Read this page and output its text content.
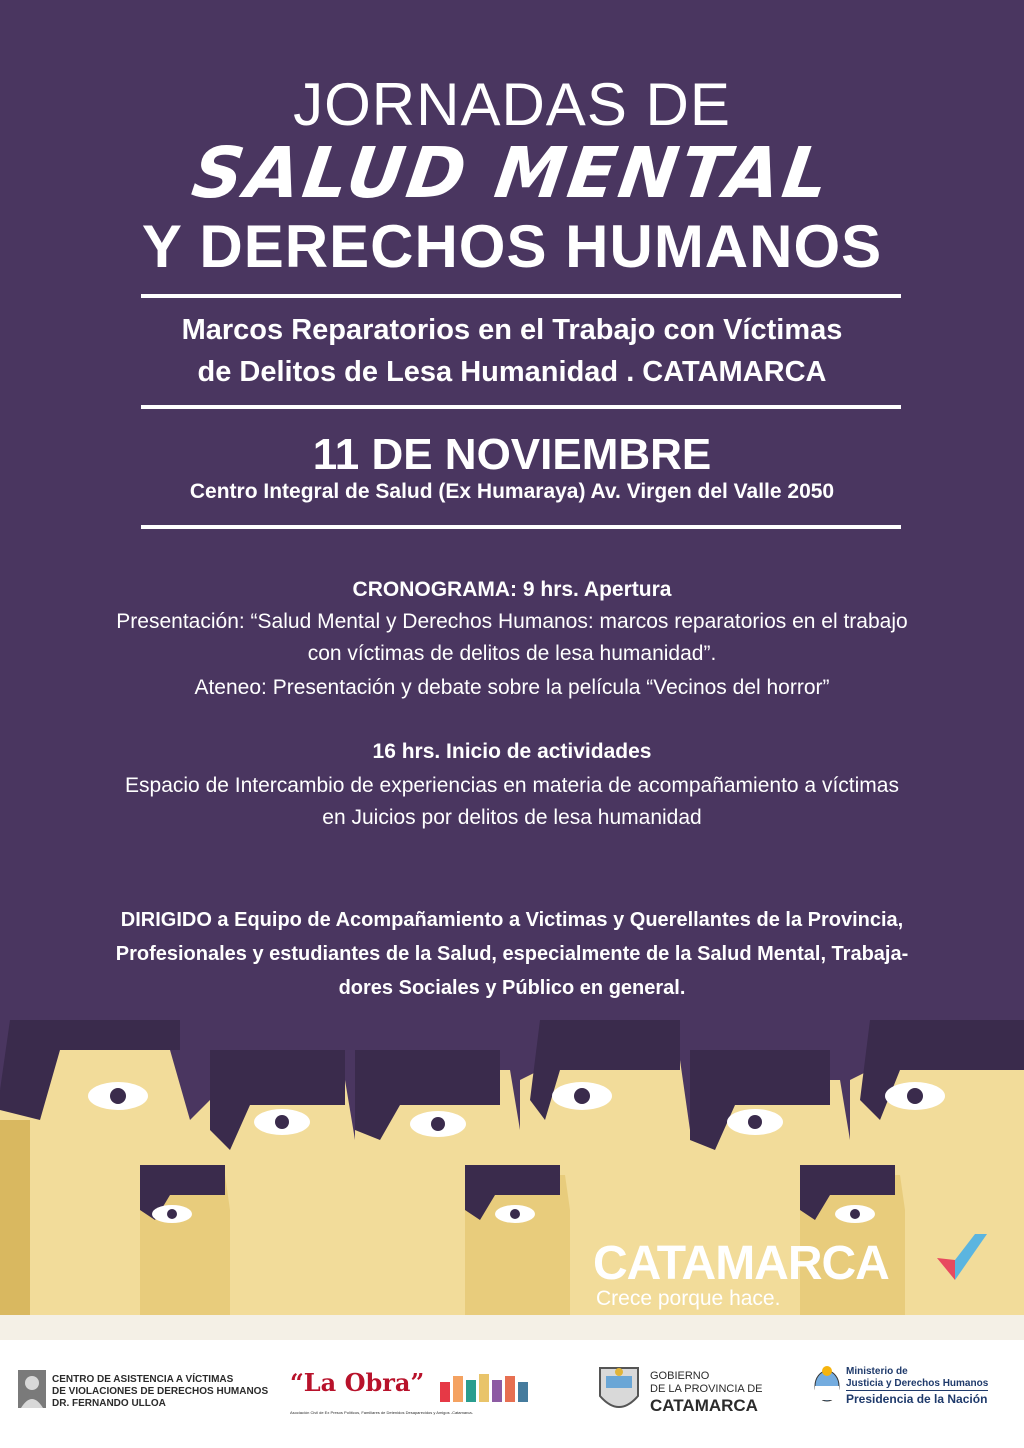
JORNADAS DE
SALUD MENTAL
Y DERECHOS HUMANOS
Marcos Reparatorios en el Trabajo con Víctimas
de Delitos de Lesa Humanidad . CATAMARCA
11 DE NOVIEMBRE
Centro Integral de Salud (Ex Humaraya) Av. Virgen del Valle 2050
CRONOGRAMA: 9 hrs. Apertura
Presentación: “Salud Mental y Derechos Humanos: marcos reparatorios en el trabajo
con víctimas de delitos de lesa humanidad”.
Ateneo: Presentación y debate sobre la película “Vecinos del horror”
16 hrs. Inicio de actividades
Espacio de Intercambio de experiencias en materia de acompañamiento a víctimas
en Juicios por delitos de lesa humanidad
DIRIGIDO a Equipo de Acompañamiento a Victimas y Querellantes de la Provincia,
Profesionales y estudiantes de la Salud, especialmente de la Salud Mental, Trabaja-
dores Sociales y Público en general.
CATAMARCA
Crece porque hace.
CENTRO DE ASISTENCIA A VÍCTIMAS
DE VIOLACIONES DE DERECHOS HUMANOS
DR. FERNANDO ULLOA
“La Obra”
Asociación Civil de Ex Presos Políticos, Familiares de Detenidos Desaparecidos y Amigos -Catamarca-
GOBIERNO
DE LA PROVINCIA DE
CATAMARCA
Ministerio de
Justicia y Derechos Humanos
Presidencia de la Nación
